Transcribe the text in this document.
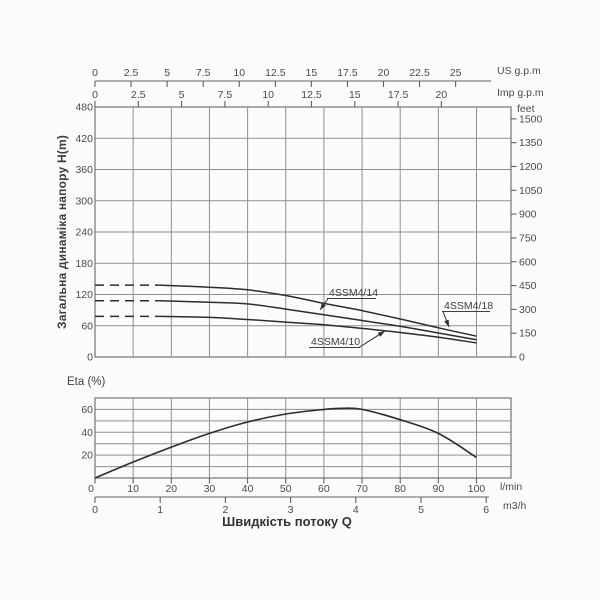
0
60
120
180
240
300
360
420
480
0
150
300
450
600
750
900
1050
1200
1350
1500
0 2.5 5 7.5 10 12.5 15 17.5 20 22.5 25
0	2.5	5	7.5	10	12.5	15	17.5	20
4SSM4/18
4SSM4/14
4SSM4/10
20
40
60
0	10	20	30	40	50	60	70	80	90 100
0	1	2	3	4	5	6
Загальна динаміка напору H(m)
US g.p.m
Imp g.p.m
feet
Eta (%)
l/min
m3/h
Швидкість потоку Q
